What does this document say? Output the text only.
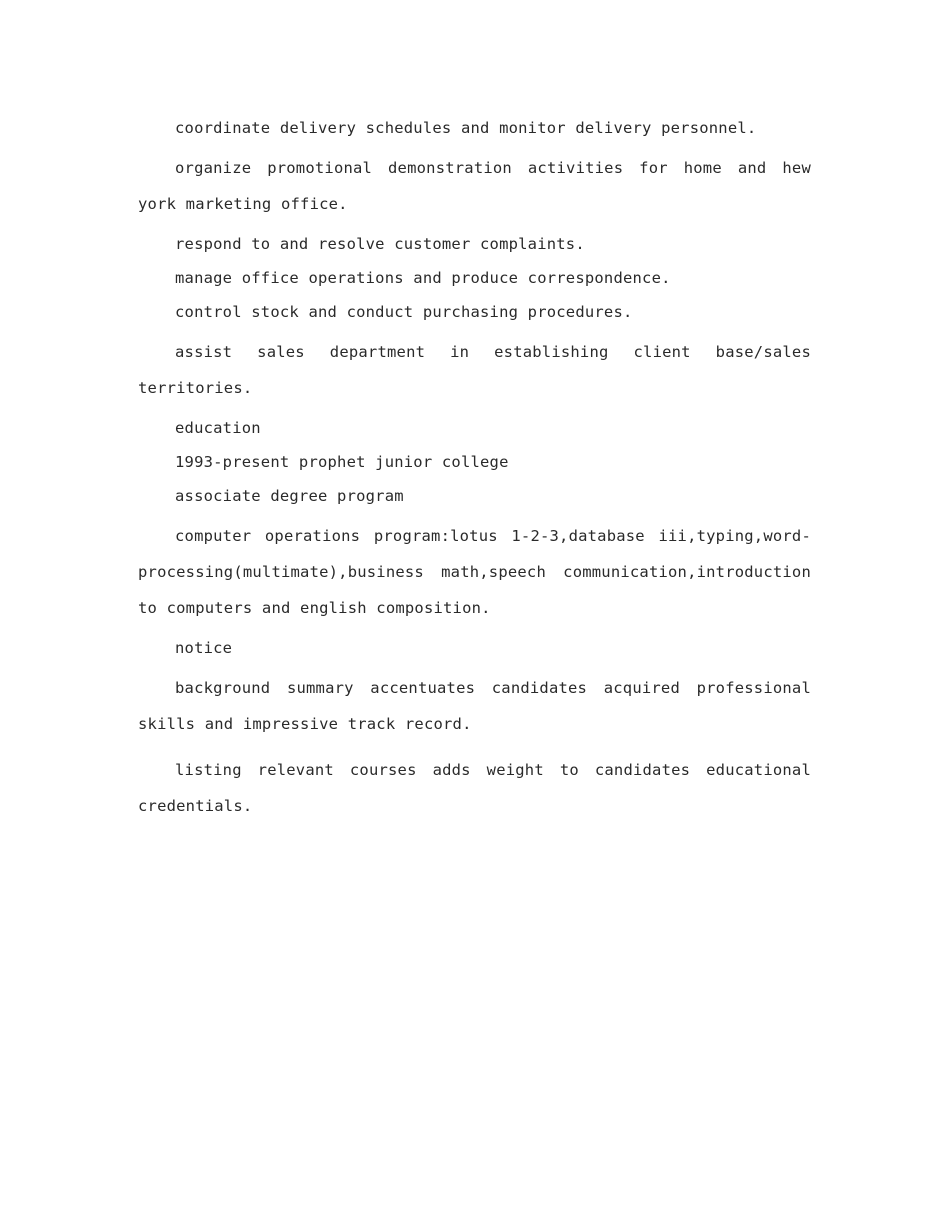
coordinate delivery schedules and monitor delivery personnel.

organize promotional demonstration activities for home and hew york marketing office.

respond to and resolve customer complaints.

manage office operations and produce correspondence.

control stock and conduct purchasing procedures.

assist sales department in establishing client base/sales territories.

education

1993-present prophet junior college

associate degree program

computer operations program:lotus 1-2-3,database iii,typing,word-processing(multimate),business math,speech communication,introduction to computers and english composition.

notice

background summary accentuates candidates acquired professional skills and impressive track record.

listing relevant courses adds weight to candidates educational credentials.
